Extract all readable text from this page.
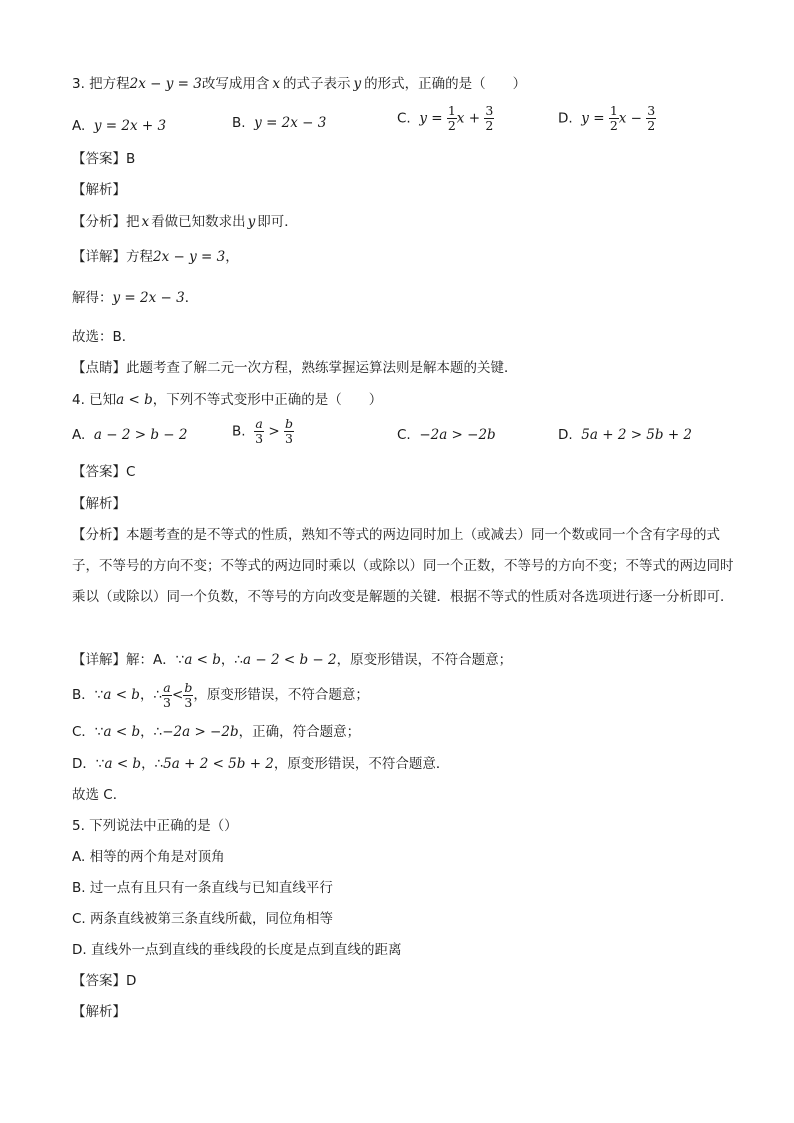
3. 把方程2x − y = 3改写成用含 x 的式子表示 y 的形式，正确的是（　　）
A. y = 2x + 3	B. y = 2x − 3	C. $y = \frac{1}{2}$ $x + \frac{3}{2}$	D. $y = \frac{1}{2}$ $x - \frac{3}{2}$
【答案】B
【解析】
【分析】把 x 看做已知数求出 y 即可．
【详解】方程2x − y = 3，
解得：y = 2x − 3．
故选：B．
【点睛】此题考查了解二元一次方程，熟练掌握运算法则是解本题的关键．
4. 已知a < b，下列不等式变形中正确的是（　　）
A. a − 2 > b − 2	B. $\frac{a}{3} > \frac{b}{3}$	C. −2a > −2b	D. 5a + 2 > 5b + 2
【答案】C
【解析】
【分析】本题考查的是不等式的性质，熟知不等式的两边同时加上（或减去）同一个数或同一个含有字母的式子，不等号的方向不变；不等式的两边同时乘以（或除以）同一个正数，不等号的方向不变；不等式的两边同时乘以（或除以）同一个负数，不等号的方向改变是解题的关键．根据不等式的性质对各选项进行逐一分析即可．
【详解】解：A．∵a < b，∴a − 2 < b − 2，原变形错误，不符合题意；
B．∵a < b，∴ $\frac{a}{3} < \frac{b}{3}$ ，原变形错误，不符合题意；
C．∵a < b，∴−2a > −2b，正确，符合题意；
D．∵a < b，∴5a + 2 < 5b + 2，原变形错误，不符合题意．
故选 C．
5. 下列说法中正确的是（）
A. 相等的两个角是对顶角
B. 过一点有且只有一条直线与已知直线平行
C. 两条直线被第三条直线所截，同位角相等
D. 直线外一点到直线的垂线段的长度是点到直线的距离
【答案】D
【解析】
